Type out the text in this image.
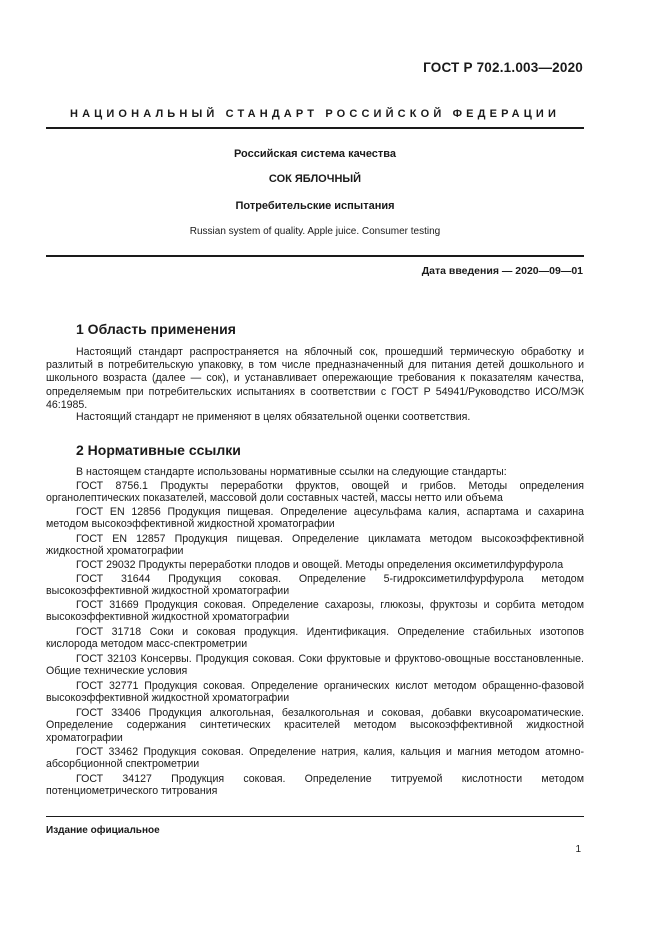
ГОСТ Р 702.1.003—2020
НАЦИОНАЛЬНЫЙ СТАНДАРТ РОССИЙСКОЙ ФЕДЕРАЦИИ
Российская система качества
СОК ЯБЛОЧНЫЙ
Потребительские испытания
Russian system of quality. Apple juice. Consumer testing
Дата введения — 2020—09—01
1 Область применения
Настоящий стандарт распространяется на яблочный сок, прошедший термическую обработку и разлитый в потребительскую упаковку, в том числе предназначенный для питания детей дошкольного и школьного возраста (далее — сок), и устанавливает опережающие требования к показателям качества, определяемым при потребительских испытаниях в соответствии с ГОСТ Р 54941/Руководство ИСО/МЭК 46:1985.
Настоящий стандарт не применяют в целях обязательной оценки соответствия.
2 Нормативные ссылки
В настоящем стандарте использованы нормативные ссылки на следующие стандарты:
ГОСТ 8756.1 Продукты переработки фруктов, овощей и грибов. Методы определения органолептических показателей, массовой доли составных частей, массы нетто или объема
ГОСТ EN 12856 Продукция пищевая. Определение ацесульфама калия, аспартама и сахарина методом высокоэффективной жидкостной хроматографии
ГОСТ EN 12857 Продукция пищевая. Определение цикламата методом высокоэффективной жидкостной хроматографии
ГОСТ 29032 Продукты переработки плодов и овощей. Методы определения оксиметилфурфурола
ГОСТ 31644 Продукция соковая. Определение 5-гидроксиметилфурфурола методом высокоэффективной жидкостной хроматографии
ГОСТ 31669 Продукция соковая. Определение сахарозы, глюкозы, фруктозы и сорбита методом высокоэффективной жидкостной хроматографии
ГОСТ 31718 Соки и соковая продукция. Идентификация. Определение стабильных изотопов кислорода методом масс-спектрометрии
ГОСТ 32103 Консервы. Продукция соковая. Соки фруктовые и фруктово-овощные восстановленные. Общие технические условия
ГОСТ 32771 Продукция соковая. Определение органических кислот методом обращенно-фазовой высокоэффективной жидкостной хроматографии
ГОСТ 33406 Продукция алкогольная, безалкогольная и соковая, добавки вкусоароматические. Определение содержания синтетических красителей методом высокоэффективной жидкостной хроматографии
ГОСТ 33462 Продукция соковая. Определение натрия, калия, кальция и магния методом атомно-абсорбционной спектрометрии
ГОСТ 34127 Продукция соковая. Определение титруемой кислотности методом потенциометрического титрования
Издание официальное
1
